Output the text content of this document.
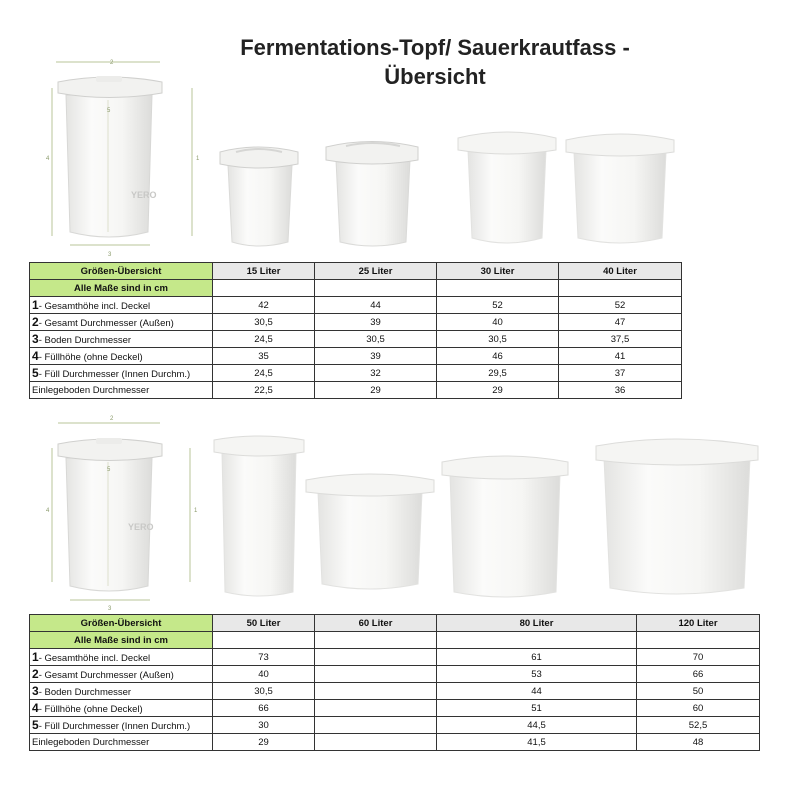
Fermentations-Topf/ Sauerkrautfass -
Übersicht
YERO
2
4	1
5
3
Größen-Übersicht	15 Liter	25 Liter	30 Liter	40 Liter
Alle Maße sind in cm				
1- Gesamthöhe incl. Deckel	42	44	52	52
2- Gesamt Durchmesser (Außen)	30,5	39	40	47
3- Boden Durchmesser	24,5	30,5	30,5	37,5
4- Füllhöhe (ohne Deckel)	35	39	46	41
5- Füll Durchmesser (Innen Durchm.)	24,5	32	29,5	37
Einlegeboden Durchmesser	22,5	29	29	36
YERO
2
4	1
5
3
Größen-Übersicht	50 Liter	60 Liter	80 Liter	120 Liter
Alle Maße sind in cm				
1- Gesamthöhe incl. Deckel	73		61	70
2- Gesamt Durchmesser (Außen)	40		53	66
3- Boden Durchmesser	30,5		44	50
4- Füllhöhe (ohne Deckel)	66		51	60
5- Füll Durchmesser (Innen Durchm.)	30		44,5	52,5
Einlegeboden Durchmesser	29		41,5	48
